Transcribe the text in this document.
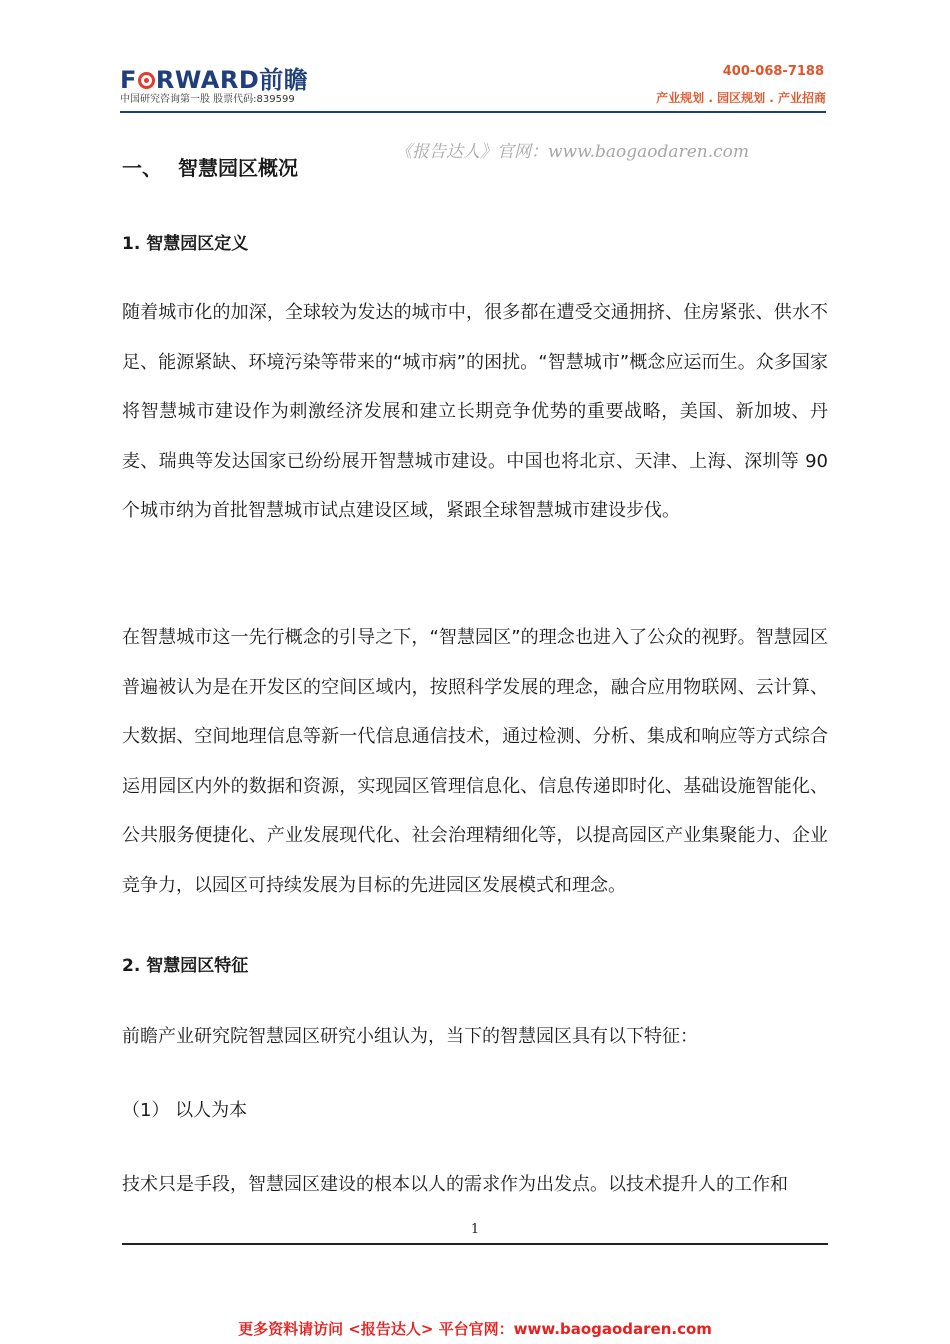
F RWARD前瞻
中国研究咨询第一股 股票代码:839599
400-068-7188
产业规划 . 园区规划 . 产业招商
《报告达人》官网：www.baogaodaren.com
一、 智慧园区概况
1. 智慧园区定义

随着城市化的加深，全球较为发达的城市中，很多都在遭受交通拥挤、住房紧张、供水不足、能源紧缺、环境污染等带来的“城市病”的困扰。“智慧城市”概念应运而生。众多国家将智慧城市建设作为刺激经济发展和建立长期竞争优势的重要战略，美国、新加坡、丹麦、瑞典等发达国家已纷纷展开智慧城市建设。中国也将北京、天津、上海、深圳等 90 个城市纳为首批智慧城市试点建设区域，紧跟全球智慧城市建设步伐。

在智慧城市这一先行概念的引导之下，“智慧园区”的理念也进入了公众的视野。智慧园区普遍被认为是在开发区的空间区域内，按照科学发展的理念，融合应用物联网、云计算、大数据、空间地理信息等新一代信息通信技术，通过检测、分析、集成和响应等方式综合运用园区内外的数据和资源，实现园区管理信息化、信息传递即时化、基础设施智能化、公共服务便捷化、产业发展现代化、社会治理精细化等，以提高园区产业集聚能力、企业竞争力，以园区可持续发展为目标的先进园区发展模式和理念。

2. 智慧园区特征

前瞻产业研究院智慧园区研究小组认为，当下的智慧园区具有以下特征：

（1） 以人为本

技术只是手段，智慧园区建设的根本以人的需求作为出发点。以技术提升人的工作和

1
更多资料请访问 <报告达人> 平台官网：www.baogaodaren.com
